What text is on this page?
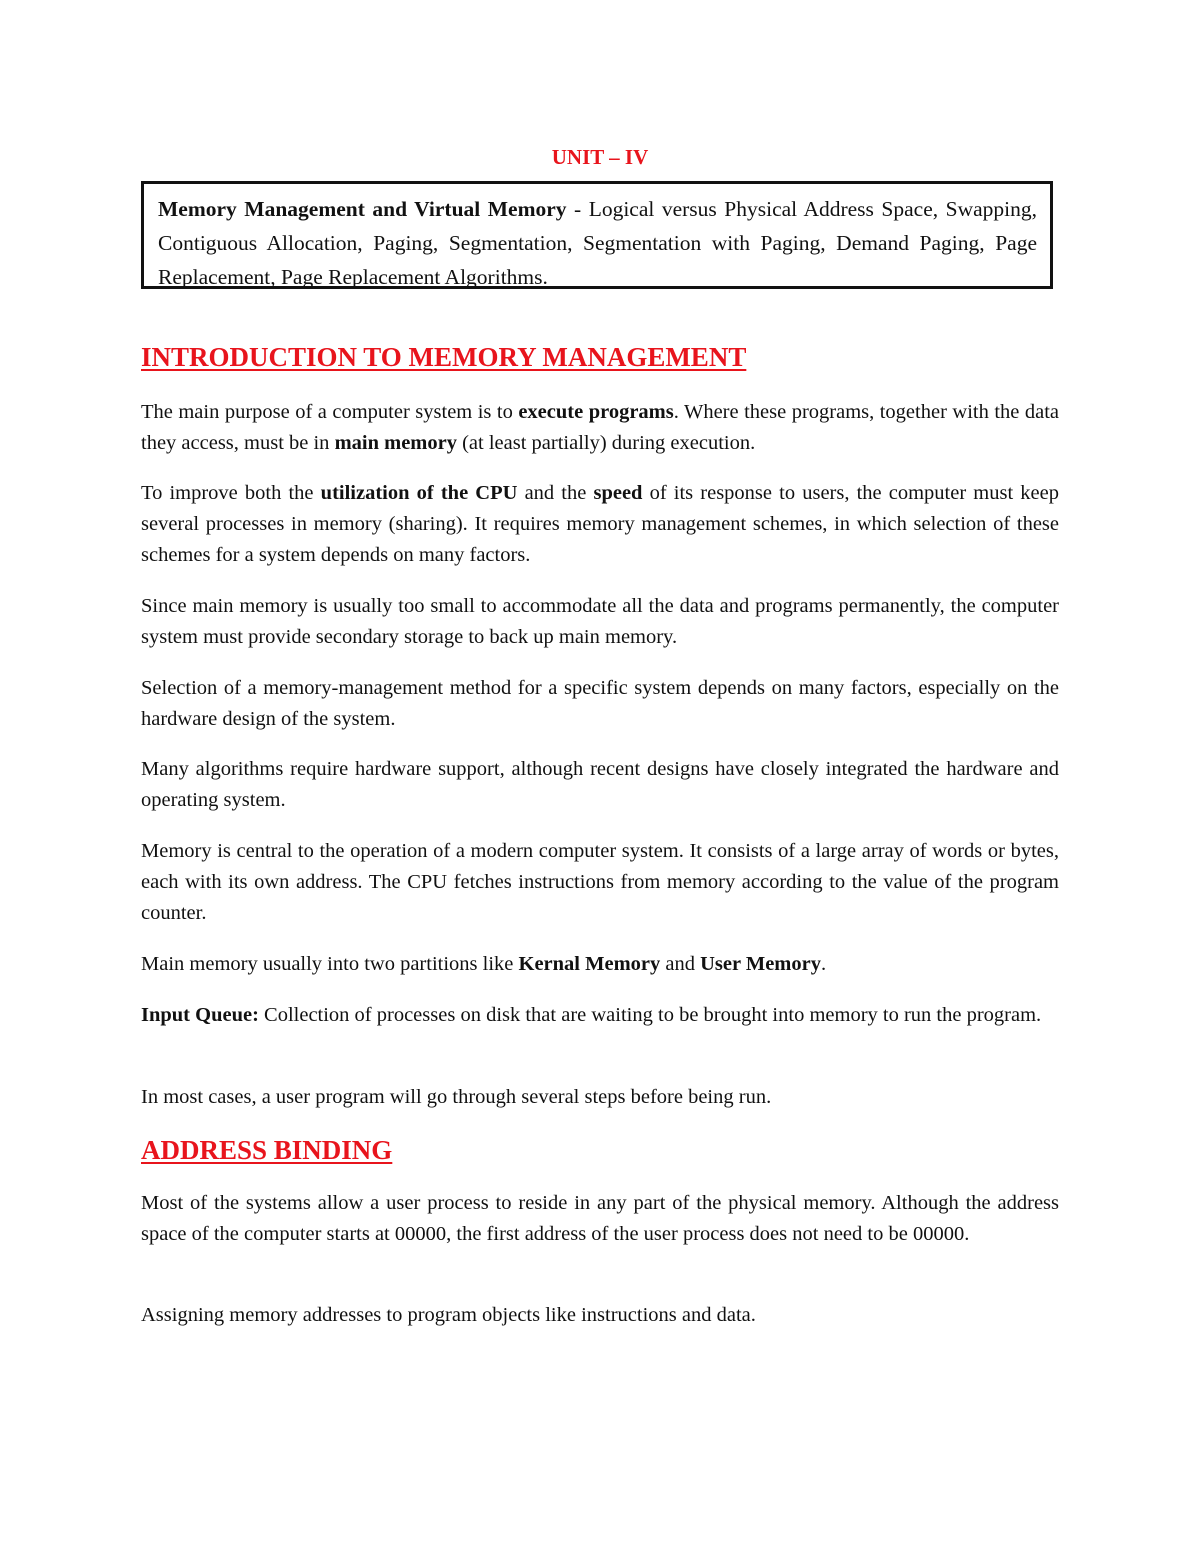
UNIT – IV
Memory Management and Virtual Memory - Logical versus Physical Address Space, Swapping, Contiguous Allocation, Paging, Segmentation, Segmentation with Paging, Demand Paging, Page Replacement, Page Replacement Algorithms.
INTRODUCTION TO MEMORY MANAGEMENT
The main purpose of a computer system is to execute programs. Where these programs, together with the data they access, must be in main memory (at least partially) during execution.
To improve both the utilization of the CPU and the speed of its response to users, the computer must keep several processes in memory (sharing). It requires memory management schemes, in which selection of these schemes for a system depends on many factors.
Since main memory is usually too small to accommodate all the data and programs permanently, the computer system must provide secondary storage to back up main memory.
Selection of a memory-management method for a specific system depends on many factors, especially on the hardware design of the system.
Many algorithms require hardware support, although recent designs have closely integrated the hardware and operating system.
Memory is central to the operation of a modern computer system. It consists of a large array of words or bytes, each with its own address. The CPU fetches instructions from memory according to the value of the program counter.
Main memory usually into two partitions like Kernal Memory and User Memory.
Input Queue: Collection of processes on disk that are waiting to be brought into memory to run the program.
In most cases, a user program will go through several steps before being run.
ADDRESS BINDING
Most of the systems allow a user process to reside in any part of the physical memory. Although the address space of the computer starts at 00000, the first address of the user process does not need to be 00000.
Assigning memory addresses to program objects like instructions and data.
